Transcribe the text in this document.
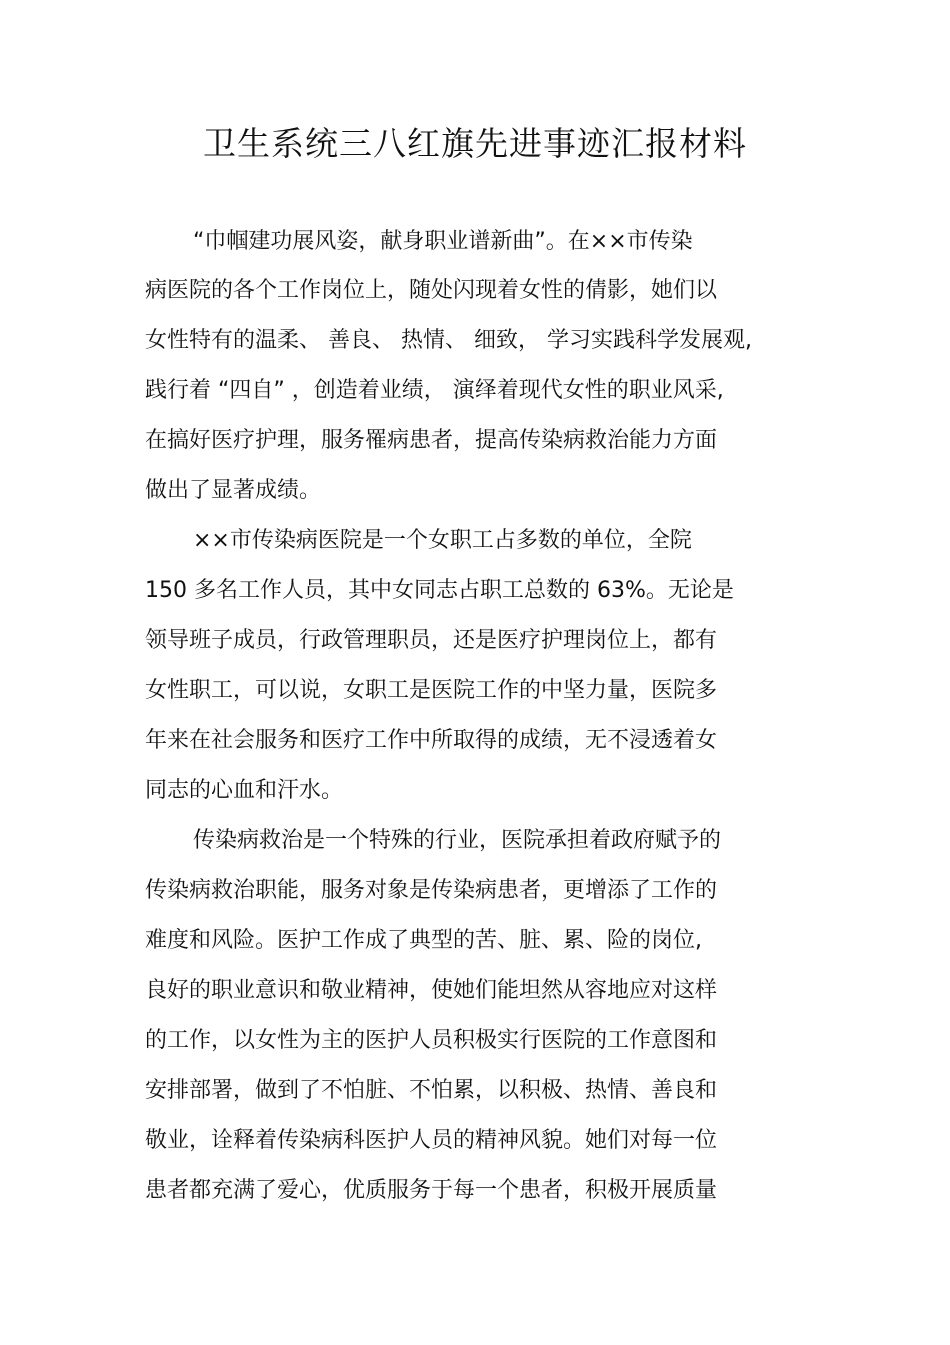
卫生系统三八红旗先进事迹汇报材料
“巾帼建功展风姿，献身职业谱新曲”。在××市传染
病医院的各个工作岗位上，随处闪现着女性的倩影，她们以
女性特有的温柔、 善良、 热情、 细致， 学习实践科学发展观,
践行着 “四自” ，创造着业绩， 演绎着现代女性的职业风采,
在搞好医疗护理，服务罹病患者，提高传染病救治能力方面
做出了显著成绩。
××市传染病医院是一个女职工占多数的单位，全院
150 多名工作人员，其中女同志占职工总数的 63%。无论是
领导班子成员，行政管理职员，还是医疗护理岗位上，都有
女性职工，可以说，女职工是医院工作的中坚力量，医院多
年来在社会服务和医疗工作中所取得的成绩，无不浸透着女
同志的心血和汗水。
传染病救治是一个特殊的行业，医院承担着政府赋予的
传染病救治职能，服务对象是传染病患者，更增添了工作的
难度和风险。医护工作成了典型的苦、脏、累、险的岗位,
良好的职业意识和敬业精神，使她们能坦然从容地应对这样
的工作，以女性为主的医护人员积极实行医院的工作意图和
安排部署，做到了不怕脏、不怕累，以积极、热情、善良和
敬业，诠释着传染病科医护人员的精神风貌。她们对每一位
患者都充满了爱心，优质服务于每一个患者，积极开展质量
